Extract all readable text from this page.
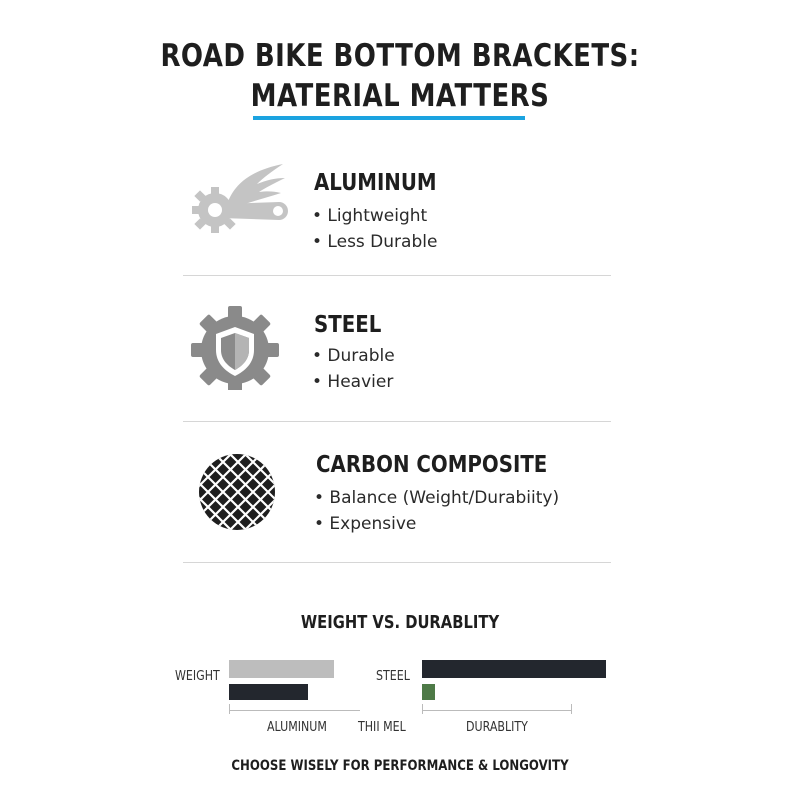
ROAD BIKE BOTTOM BRACKETS:
MATERIAL MATTERS
ALUMINUM
• Lightweight
• Less Durable
STEEL
• Durable
• Heavier
CARBON COMPOSITE
• Balance (Weight/Durabiity)
• Expensive
WEIGHT VS. DURABLITY
WEIGHT
ALUMINUM THII MEL
STEEL
DURABLITY
CHOOSE WISELY FOR PERFORMANCE & LONGOVITY
